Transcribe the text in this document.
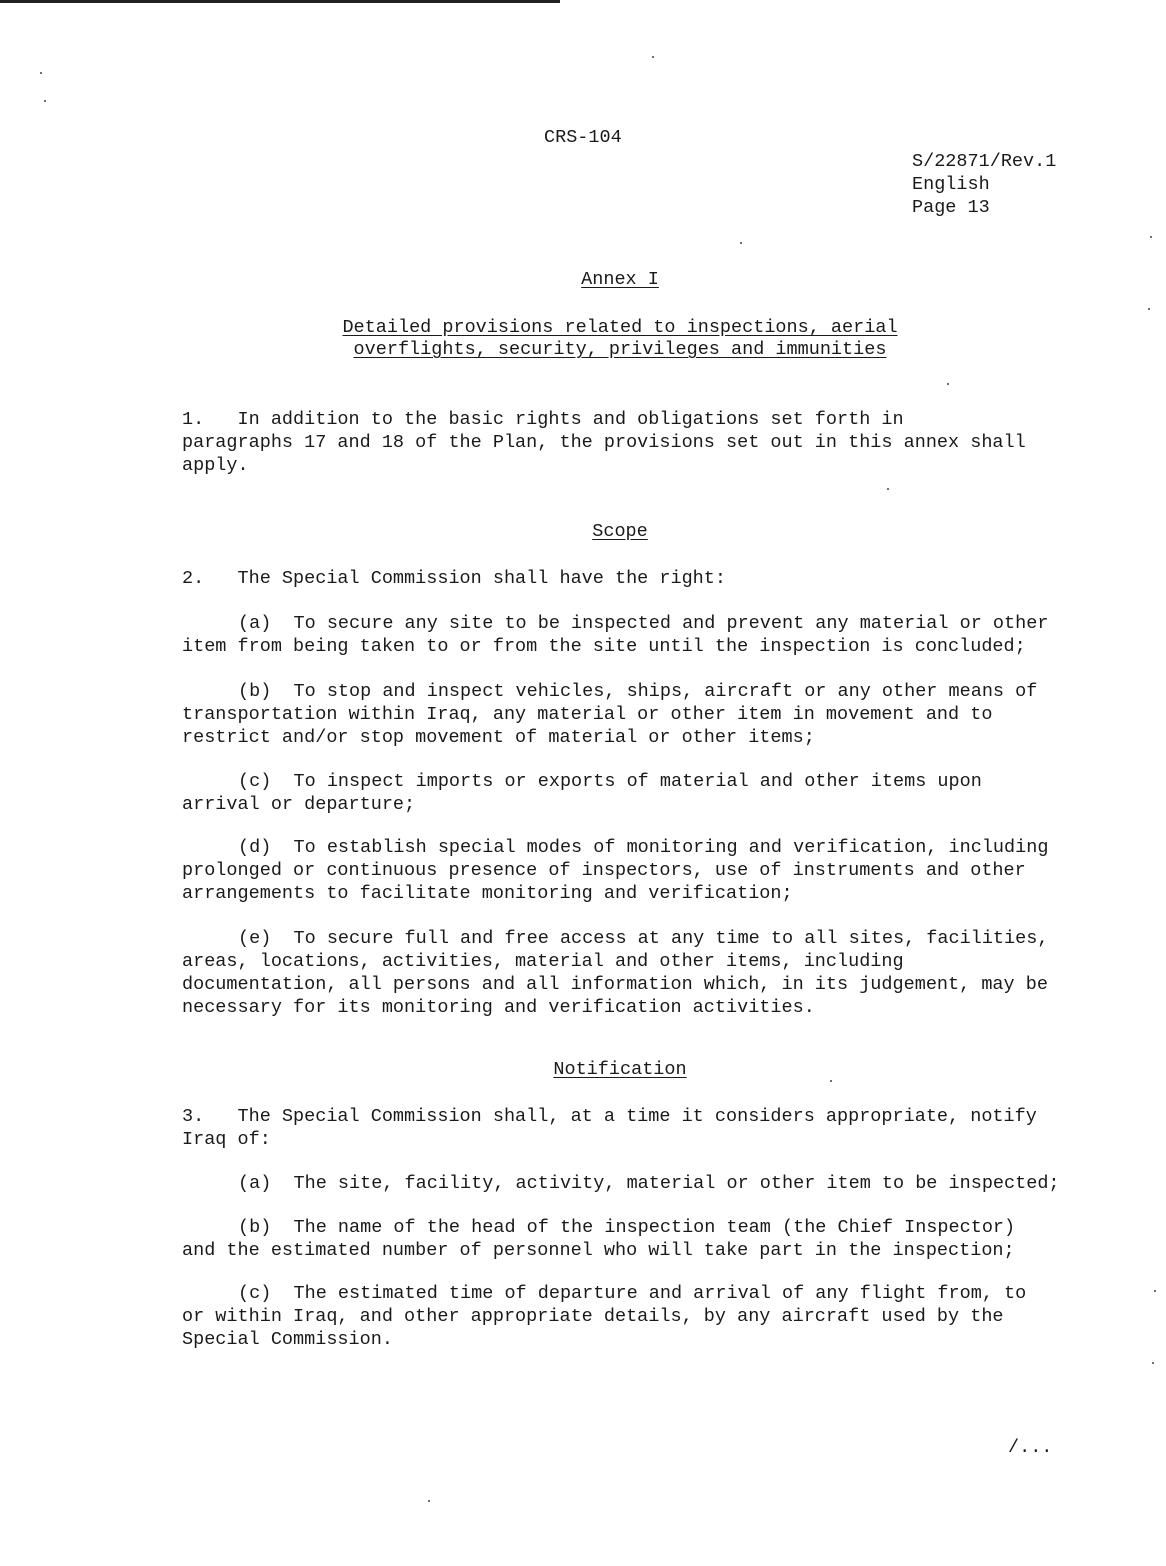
CRS-104
S/22871/Rev.1
English
Page 13
Annex I
Detailed provisions related to inspections, aerial
overflights, security, privileges and immunities
1.   In addition to the basic rights and obligations set forth in
paragraphs 17 and 18 of the Plan, the provisions set out in this annex shall
apply.
Scope
2.   The Special Commission shall have the right:
(a)  To secure any site to be inspected and prevent any material or other
item from being taken to or from the site until the inspection is concluded;
(b)  To stop and inspect vehicles, ships, aircraft or any other means of
transportation within Iraq, any material or other item in movement and to
restrict and/or stop movement of material or other items;
(c)  To inspect imports or exports of material and other items upon
arrival or departure;
(d)  To establish special modes of monitoring and verification, including
prolonged or continuous presence of inspectors, use of instruments and other
arrangements to facilitate monitoring and verification;
(e)  To secure full and free access at any time to all sites, facilities,
areas, locations, activities, material and other items, including
documentation, all persons and all information which, in its judgement, may be
necessary for its monitoring and verification activities.
Notification
3.   The Special Commission shall, at a time it considers appropriate, notify
Iraq of:
(a)  The site, facility, activity, material or other item to be inspected;
(b)  The name of the head of the inspection team (the Chief Inspector)
and the estimated number of personnel who will take part in the inspection;
(c)  The estimated time of departure and arrival of any flight from, to
or within Iraq, and other appropriate details, by any aircraft used by the
Special Commission.
/...
